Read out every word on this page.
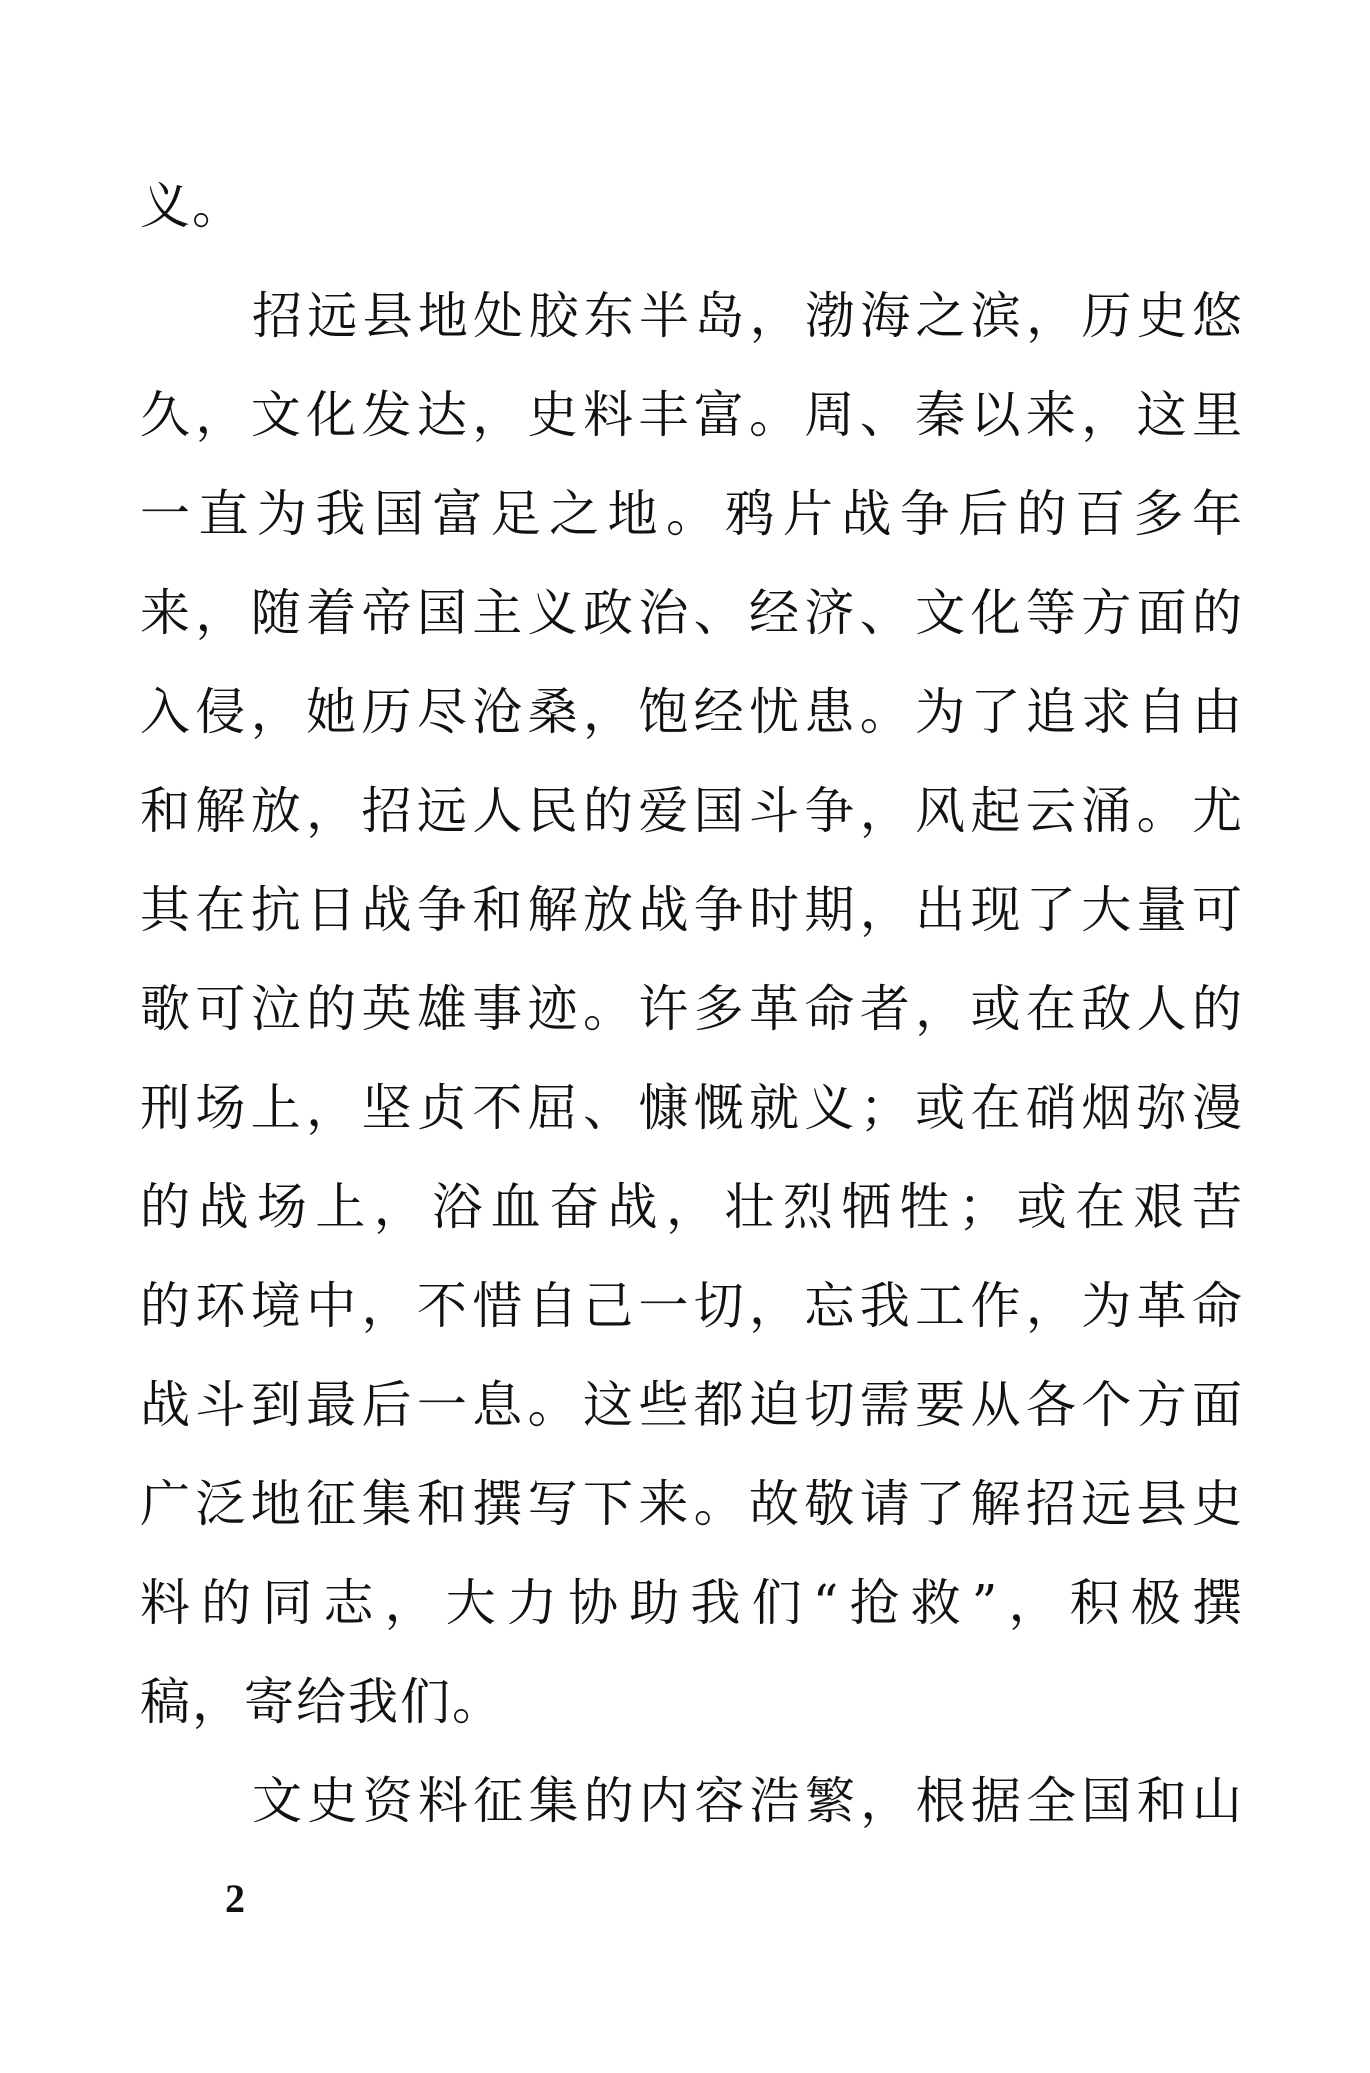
义。
招远县地处胶东半岛，渤海之滨，历史悠
久，文化发达，史料丰富。周、秦以来，这里
一直为我国富足之地。鸦片战争后的百多年
来，随着帝国主义政治、经济、文化等方面的
入侵，她历尽沧桑，饱经忧患。为了追求自由
和解放，招远人民的爱国斗争，风起云涌。尤
其在抗日战争和解放战争时期，出现了大量可
歌可泣的英雄事迹。许多革命者，或在敌人的
刑场上，坚贞不屈、慷慨就义；或在硝烟弥漫
的战场上，浴血奋战，壮烈牺牲；或在艰苦
的环境中，不惜自己一切，忘我工作，为革命
战斗到最后一息。这些都迫切需要从各个方面
广泛地征集和撰写下来。故敬请了解招远县史
料的同志，大力协助我们“抢救”，积极撰
稿，寄给我们。
文史资料征集的内容浩繁，根据全国和山
2
